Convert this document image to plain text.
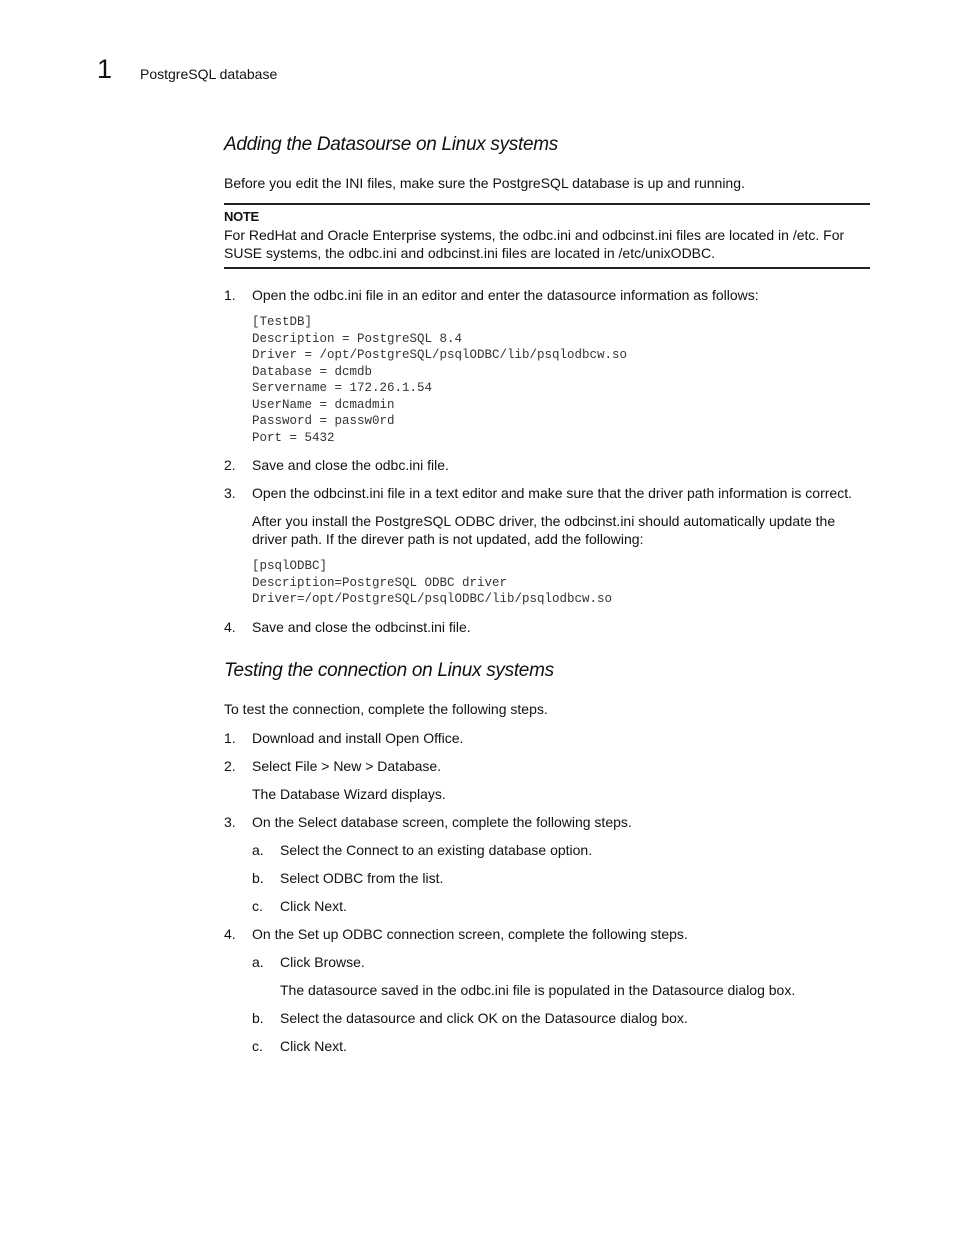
1 PostgreSQL database
Adding the Datasourse on Linux systems

Before you edit the INI files, make sure the PostgreSQL database is up and running.

NOTE
For RedHat and Oracle Enterprise systems, the odbc.ini and odbcinst.ini files are located in /etc. For SUSE systems, the odbc.ini and odbcinst.ini files are located in /etc/unixODBC.
1. Open the odbc.ini file in an editor and enter the datasource information as follows:
[TestDB]
Description = PostgreSQL 8.4
Driver = /opt/PostgreSQL/psqlODBC/lib/psqlodbcw.so
Database = dcmdb
Servername = 172.26.1.54
UserName = dcmadmin
Password = passw0rd
Port = 5432
2. Save and close the odbc.ini file.
3. Open the odbcinst.ini file in a text editor and make sure that the driver path information is correct.
After you install the PostgreSQL ODBC driver, the odbcinst.ini should automatically update the driver path. If the direver path is not updated, add the following:
[psqlODBC]
Description=PostgreSQL ODBC driver
Driver=/opt/PostgreSQL/psqlODBC/lib/psqlodbcw.so
4. Save and close the odbcinst.ini file.
Testing the connection on Linux systems

To test the connection, complete the following steps.

1. Download and install Open Office.
2. Select File > New > Database.
The Database Wizard displays.
3. On the Select database screen, complete the following steps.
a. Select the Connect to an existing database option.
b. Select ODBC from the list.
c. Click Next.
4. On the Set up ODBC connection screen, complete the following steps.
a. Click Browse.
The datasource saved in the odbc.ini file is populated in the Datasource dialog box.
b. Select the datasource and click OK on the Datasource dialog box.
c. Click Next.
